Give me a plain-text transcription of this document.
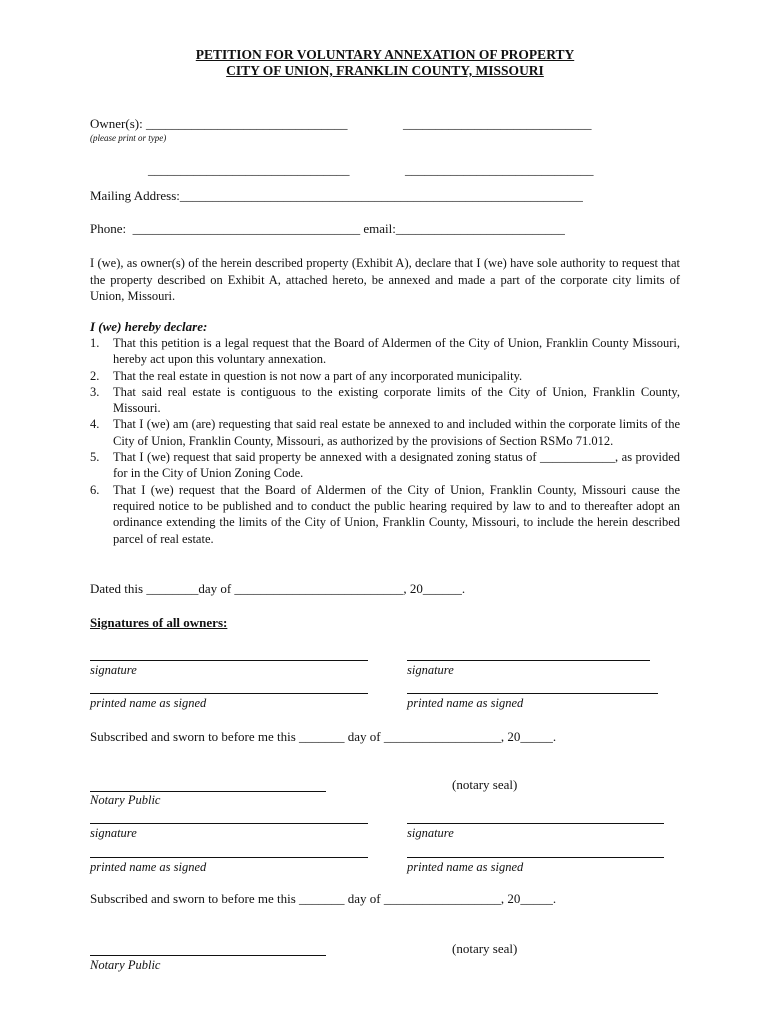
PETITION FOR VOLUNTARY ANNEXATION OF PROPERTY
CITY OF UNION, FRANKLIN COUNTY, MISSOURI
Owner(s): _______________________________	_____________________________
(please print or type)
_______________________________	_____________________________
Mailing Address:______________________________________________________________
Phone:  ___________________________________ email:__________________________
I (we), as owner(s) of the herein described property (Exhibit A), declare that I (we) have sole authority to request that the property described on Exhibit A, attached hereto, be annexed and made a part of the corporate city limits of Union, Missouri.
I (we) hereby declare:
1. That this petition is a legal request that the Board of Aldermen of the City of Union, Franklin County Missouri, hereby act upon this voluntary annexation.
2. That the real estate in question is not now a part of any incorporated municipality.
3. That said real estate is contiguous to the existing corporate limits of the City of Union, Franklin County, Missouri.
4. That I (we) am (are) requesting that said real estate be annexed to and included within the corporate limits of the City of Union, Franklin County, Missouri, as authorized by the provisions of Section RSMo 71.012.
5. That I (we) request that said property be annexed with a designated zoning status of ____________, as provided for in the City of Union Zoning Code.
6. That I (we) request that the Board of Aldermen of the City of Union, Franklin County, Missouri cause the required notice to be published and to conduct the public hearing required by law to and to thereafter adopt an ordinance extending the limits of the City of Union, Franklin County, Missouri, to include the herein described parcel of real estate.
Dated this ________day of __________________________, 20______.
Signatures of all owners:
signature	signature
printed name as signed	printed name as signed
Subscribed and sworn to before me this _______ day of __________________, 20_____.
(notary seal)
Notary Public
signature	signature
printed name as signed	printed name as signed
Subscribed and sworn to before me this _______ day of __________________, 20_____.
(notary seal)
Notary Public
